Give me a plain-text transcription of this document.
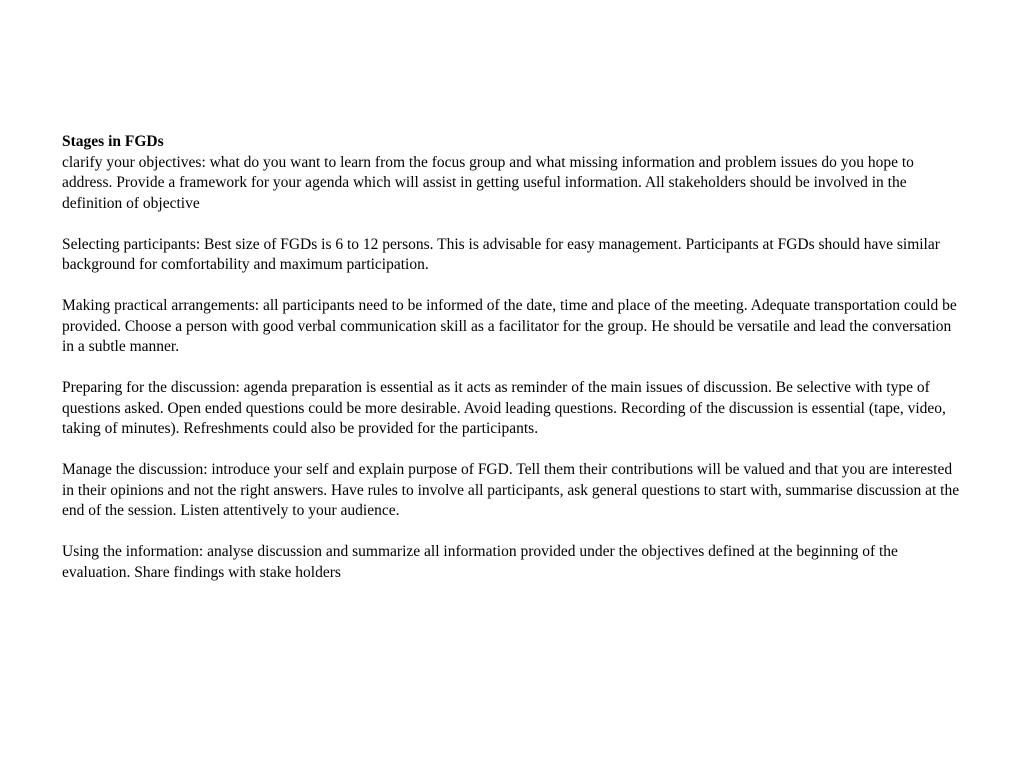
Stages in FGDs

clarify your objectives: what do you want to learn from the focus group and what missing information and problem issues do you hope to address. Provide a framework for your agenda which will assist in getting useful information. All stakeholders should be involved in the definition of objective

Selecting participants: Best size of FGDs is 6 to 12 persons. This is advisable for easy management. Participants at FGDs should have similar background for comfortability and maximum participation.

Making practical arrangements: all participants need to be informed of the date, time and place of the meeting. Adequate transportation could be provided. Choose a person with good verbal communication skill as a facilitator for the group. He should be versatile and lead the conversation in a subtle manner.

Preparing for the discussion: agenda preparation is essential as it acts as reminder of the main issues of discussion. Be selective with type of questions asked. Open ended questions could be more desirable. Avoid leading questions. Recording of the discussion is essential (tape, video, taking of minutes). Refreshments could also be provided for the participants.

Manage the discussion: introduce your self and explain purpose of FGD. Tell them their contributions will be valued and that you are interested in their opinions and not the right answers. Have rules to involve all participants, ask general questions to start with, summarise discussion at the end of the session. Listen attentively to your audience.

Using the information: analyse discussion and summarize all information provided under the objectives defined at the beginning of the evaluation. Share findings with stake holders
